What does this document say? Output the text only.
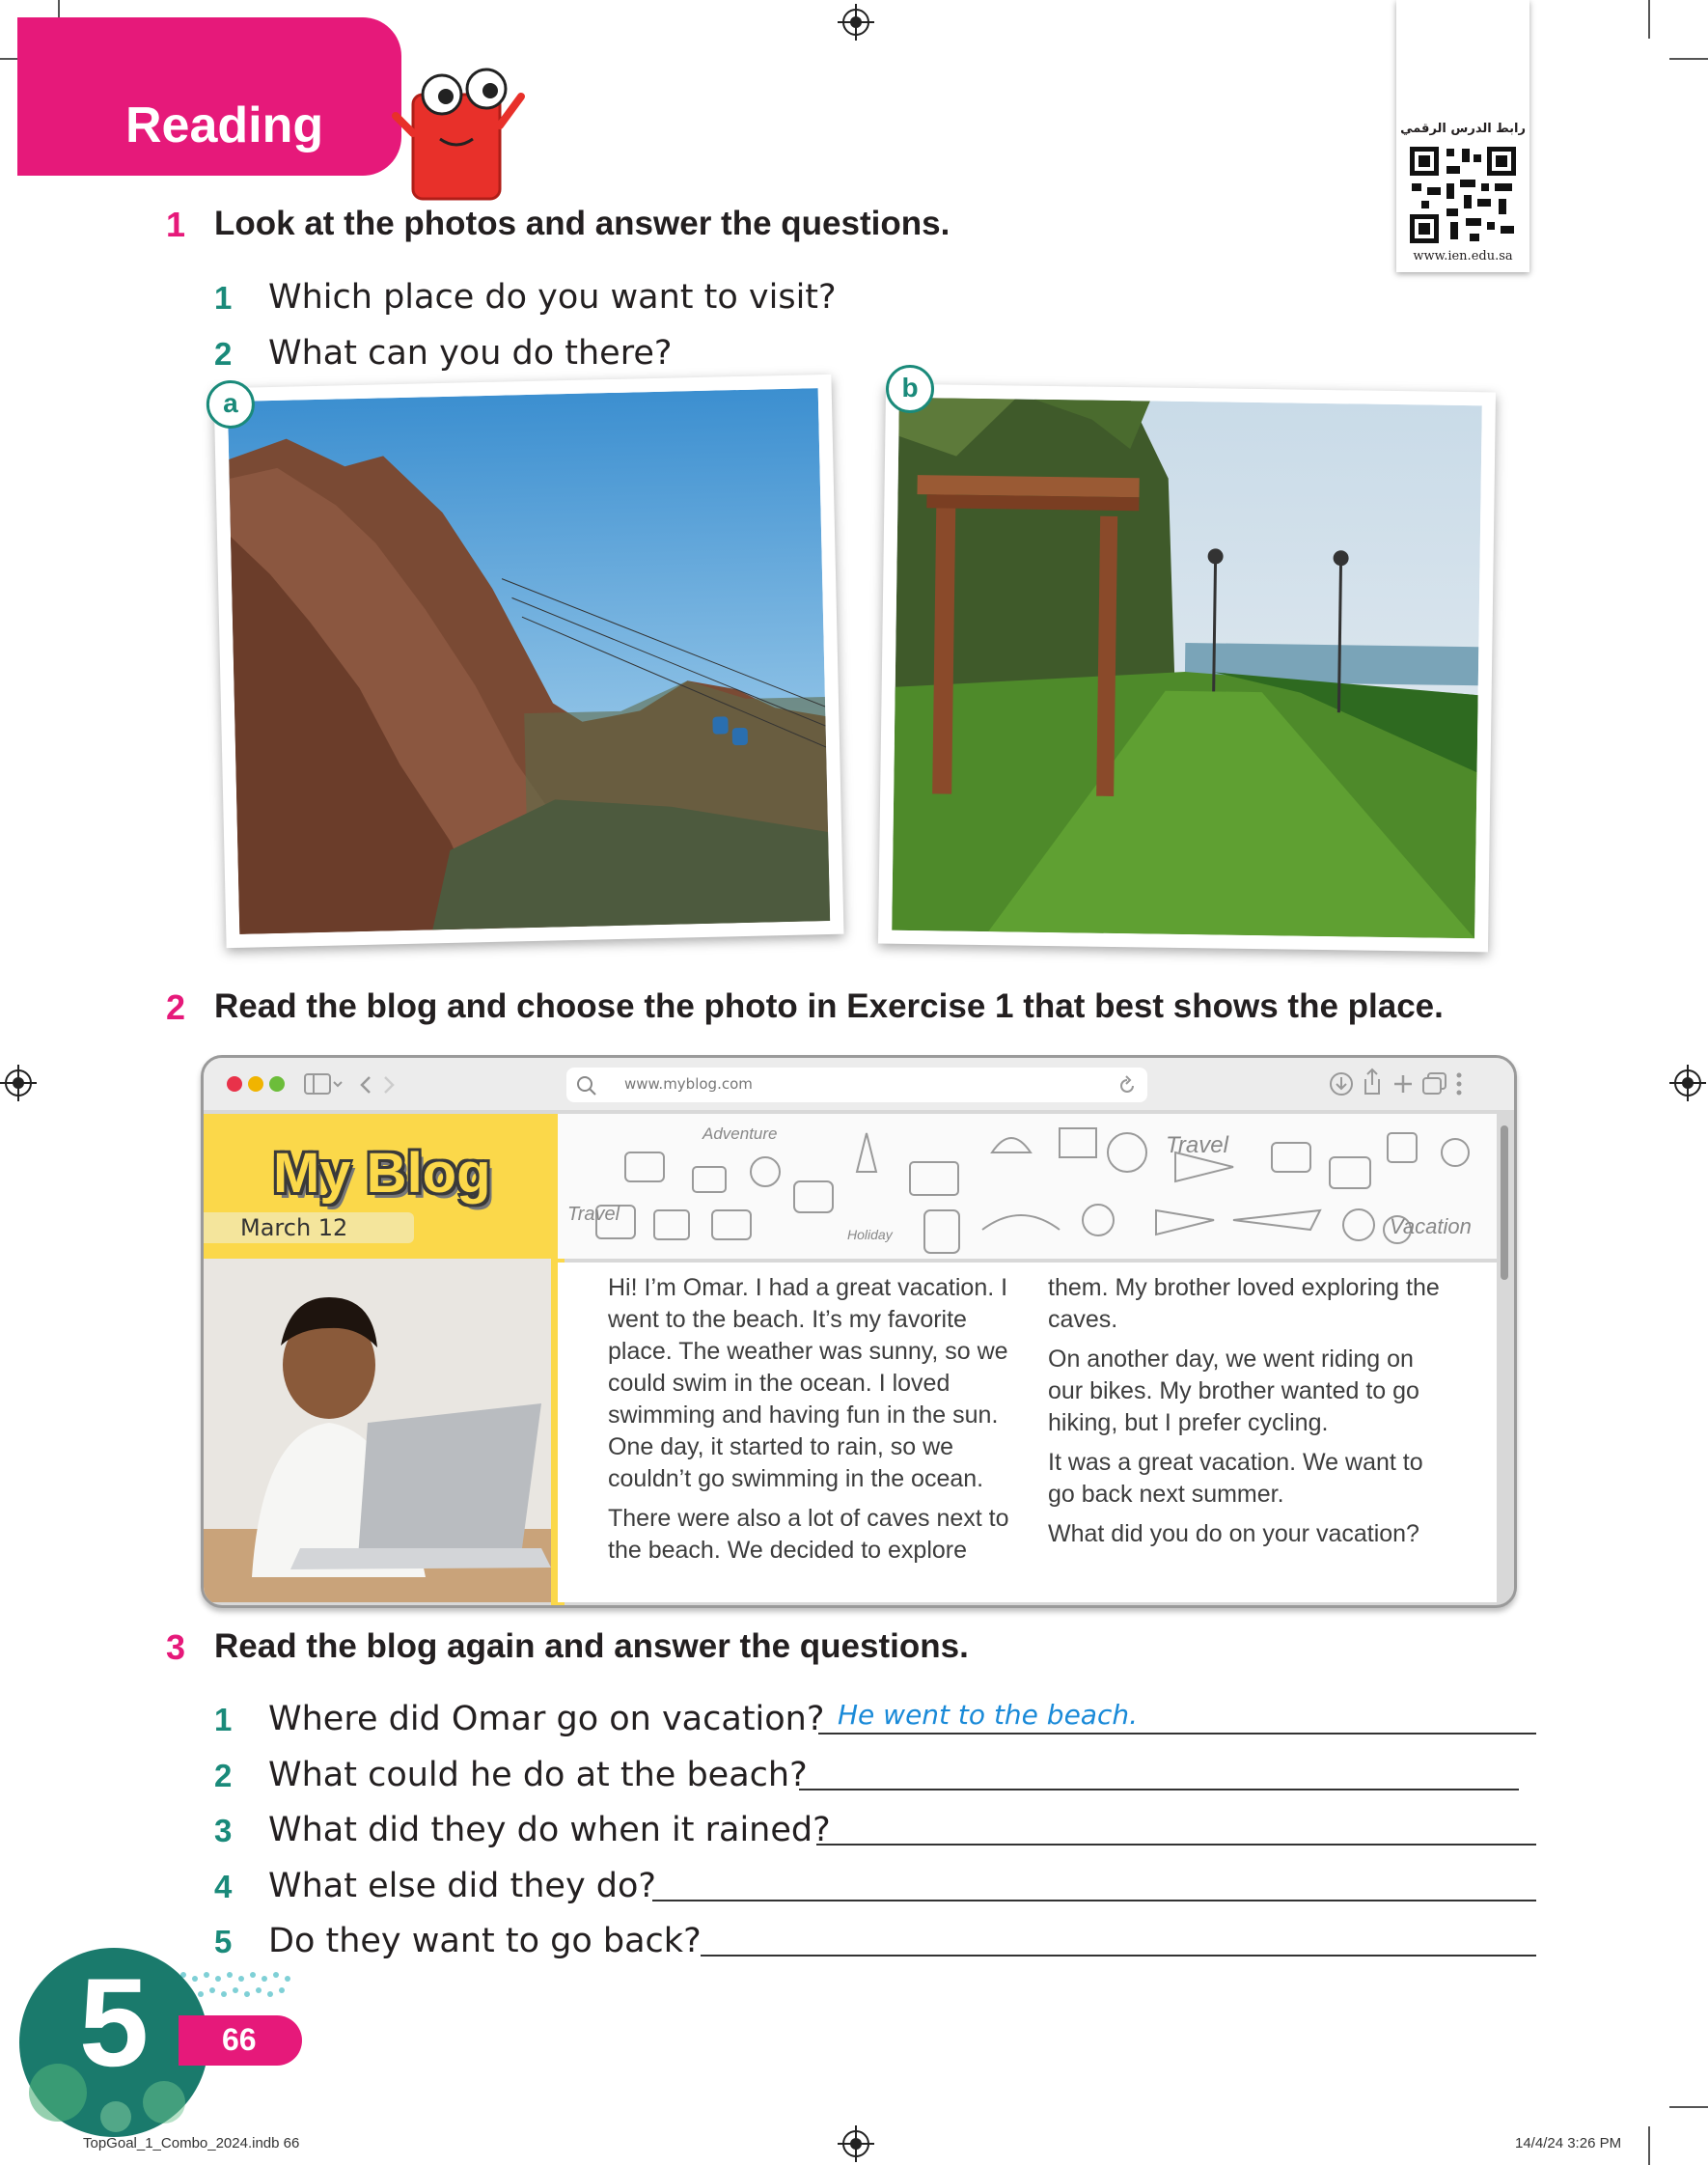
Reading	رابط الدرس الرقمي
www.ien.edu.sa
1 Look at the photos and answer the questions.
1 Which place do you want to visit?
2 What can you do there?
a
b
2 Read the blog and choose the photo in Exercise 1 that best shows the place.
www.myblog.com
My Blog
March 12
Adventure	Travel
Travel
Holiday	Vacation

Hi! I’m Omar. I had a great vacation. I went to the beach. It’s my favorite place. The weather was sunny, so we could swim in the ocean. I loved swimming and having fun in the sun. One day, it started to rain, so we couldn’t go swimming in the ocean.

There were also a lot of caves next to the beach. We decided to explore

them. My brother loved exploring the caves.

On another day, we went riding on our bikes. My brother wanted to go hiking, but I prefer cycling.

It was a great vacation. We want to go back next summer.

What did you do on your vacation?

3 Read the blog again and answer the questions.
1 Where did Omar go on vacation? He went to the beach.
2 What could he do at the beach?
3 What did they do when it rained?
4 What else did they do?
5 Do they want to go back?
5	66
TopGoal_1_Combo_2024.indb 66	14/4/24 3:26 PM
